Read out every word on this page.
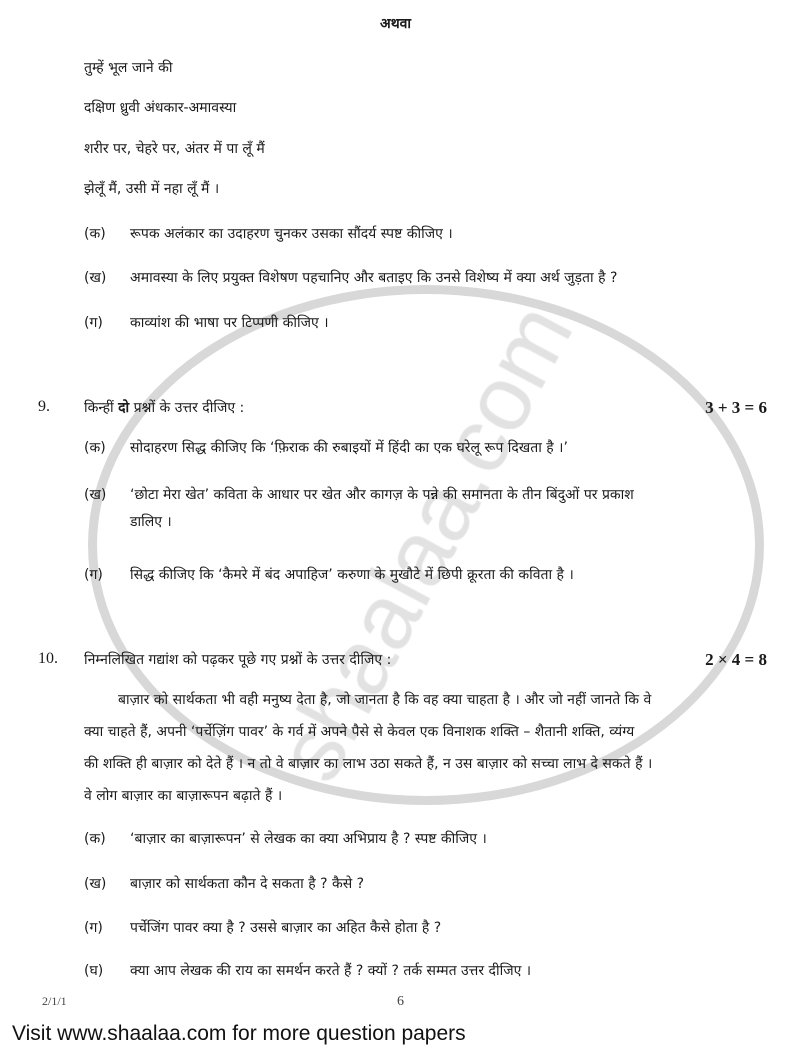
अथवा
तुम्हें भूल जाने की
दक्षिण ध्रुवी अंधकार-अमावस्या
शरीर पर, चेहरे पर, अंतर में पा लूँ मैं
झेलूँ मैं, उसी में नहा लूँ मैं ।
(क) रूपक अलंकार का उदाहरण चुनकर उसका सौंदर्य स्पष्ट कीजिए ।
(ख) अमावस्या के लिए प्रयुक्त विशेषण पहचानिए और बताइए कि उनसे विशेष्य में क्या अर्थ जुड़ता है ?
(ग) काव्यांश की भाषा पर टिप्पणी कीजिए ।
9. किन्हीं दो प्रश्नों के उत्तर दीजिए :	3 + 3 = 6
(क) सोदाहरण सिद्ध कीजिए कि ‘फ़िराक की रुबाइयों में हिंदी का एक घरेलू रूप दिखता है ।’
(ख) ‘छोटा मेरा खेत’ कविता के आधार पर खेत और कागज़ के पन्ने की समानता के तीन बिंदुओं पर प्रकाश
डालिए ।
(ग) सिद्ध कीजिए कि ‘कैमरे में बंद अपाहिज’ करुणा के मुखौटे में छिपी क्रूरता की कविता है ।
10. निम्नलिखित गद्यांश को पढ़कर पूछे गए प्रश्नों के उत्तर दीजिए :	2 × 4 = 8
बाज़ार को सार्थकता भी वही मनुष्य देता है, जो जानता है कि वह क्या चाहता है । और जो नहीं जानते कि वे
क्या चाहते हैं, अपनी ‘पर्चेज़िंग पावर’ के गर्व में अपने पैसे से केवल एक विनाशक शक्ति – शैतानी शक्ति, व्यंग्य
की शक्ति ही बाज़ार को देते हैं । न तो वे बाज़ार का लाभ उठा सकते हैं, न उस बाज़ार को सच्चा लाभ दे सकते हैं ।
वे लोग बाज़ार का बाज़ारूपन बढ़ाते हैं ।
(क) ‘बाज़ार का बाज़ारूपन’ से लेखक का क्या अभिप्राय है ? स्पष्ट कीजिए ।
(ख) बाज़ार को सार्थकता कौन दे सकता है ? कैसे ?
(ग) पर्चेजिंग पावर क्या है ? उससे बाज़ार का अहित कैसे होता है ?
(घ) क्या आप लेखक की राय का समर्थन करते हैं ? क्यों ? तर्क सम्मत उत्तर दीजिए ।
2/1/1	6
Visit www.shaalaa.com for more question papers
